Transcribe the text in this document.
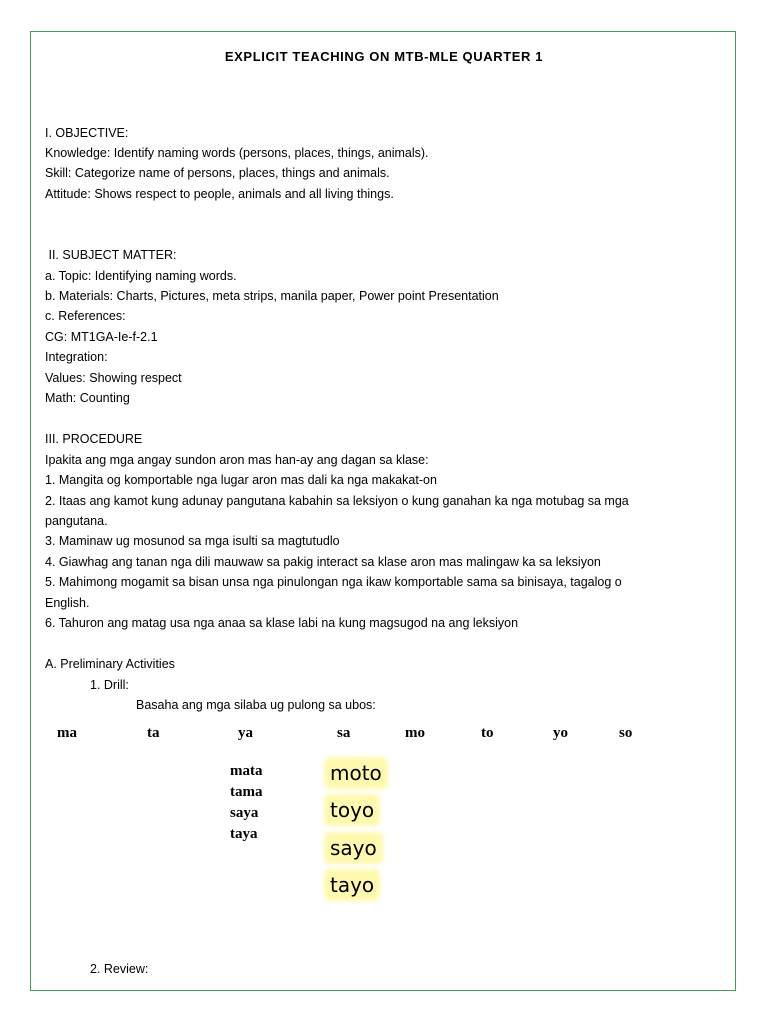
EXPLICIT TEACHING ON MTB-MLE QUARTER 1
I. OBJECTIVE:
Knowledge: Identify naming words (persons, places, things, animals).
Skill: Categorize name of persons, places, things and animals.
Attitude: Shows respect to people, animals and all living things.
II. SUBJECT MATTER:
a. Topic: Identifying naming words.
b. Materials: Charts, Pictures, meta strips, manila paper, Power point Presentation
c. References:
CG: MT1GA-Ie-f-2.1
Integration:
Values: Showing respect
Math: Counting
III. PROCEDURE
Ipakita ang mga angay sundon aron mas han-ay ang dagan sa klase:
1. Mangita og komportable nga lugar aron mas dali ka nga makakat-on
2. Itaas ang kamot kung adunay pangutana kabahin sa leksiyon o kung ganahan ka nga motubag sa mga
pangutana.
3. Maminaw ug mosunod sa mga isulti sa magtutudlo
4. Giawhag ang tanan nga dili mauwaw sa pakig interact sa klase aron mas malingaw ka sa leksiyon
5. Mahimong mogamit sa bisan unsa nga pinulongan nga ikaw komportable sama sa binisaya, tagalog o
English.
6. Tahuron ang matag usa nga anaa sa klase labi na kung magsugod na ang leksiyon
A. Preliminary Activities
1. Drill:
Basaha ang mga silaba ug pulong sa ubos:
ma	ta	ya	sa	mo	to	yo	so
mata
tama
saya
taya
moto
toyo
sayo
tayo
2. Review:
